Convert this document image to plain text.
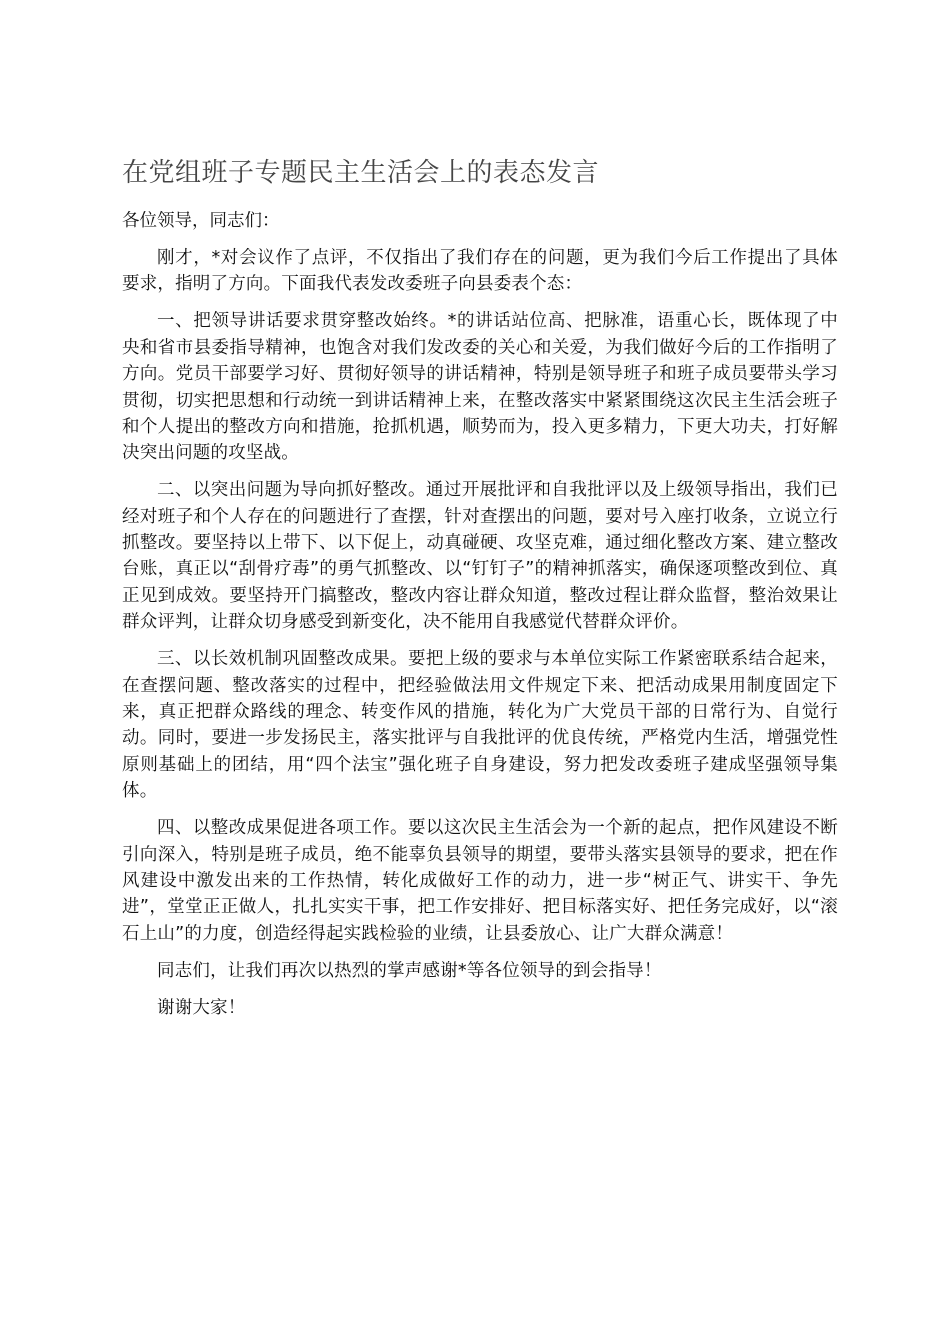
在党组班子专题民主生活会上的表态发言

各位领导，同志们：

刚才，*对会议作了点评，不仅指出了我们存在的问题，更为我们今后工作提出了具体要求，指明了方向。下面我代表发改委班子向县委表个态：

一、把领导讲话要求贯穿整改始终。*的讲话站位高、把脉准，语重心长，既体现了中央和省市县委指导精神，也饱含对我们发改委的关心和关爱，为我们做好今后的工作指明了方向。党员干部要学习好、贯彻好领导的讲话精神，特别是领导班子和班子成员要带头学习贯彻，切实把思想和行动统一到讲话精神上来，在整改落实中紧紧围绕这次民主生活会班子和个人提出的整改方向和措施，抢抓机遇，顺势而为，投入更多精力，下更大功夫，打好解决突出问题的攻坚战。

二、以突出问题为导向抓好整改。通过开展批评和自我批评以及上级领导指出，我们已经对班子和个人存在的问题进行了查摆，针对查摆出的问题，要对号入座打收条，立说立行抓整改。要坚持以上带下、以下促上，动真碰硬、攻坚克难，通过细化整改方案、建立整改台账，真正以“刮骨疗毒”的勇气抓整改、以“钉钉子”的精神抓落实，确保逐项整改到位、真正见到成效。要坚持开门搞整改，整改内容让群众知道，整改过程让群众监督，整治效果让群众评判，让群众切身感受到新变化，决不能用自我感觉代替群众评价。

三、以长效机制巩固整改成果。要把上级的要求与本单位实际工作紧密联系结合起来，在查摆问题、整改落实的过程中，把经验做法用文件规定下来、把活动成果用制度固定下来，真正把群众路线的理念、转变作风的措施，转化为广大党员干部的日常行为、自觉行动。同时，要进一步发扬民主，落实批评与自我批评的优良传统，严格党内生活，增强党性原则基础上的团结，用“四个法宝”强化班子自身建设，努力把发改委班子建成坚强领导集体。

四、以整改成果促进各项工作。要以这次民主生活会为一个新的起点，把作风建设不断引向深入，特别是班子成员，绝不能辜负县领导的期望，要带头落实县领导的要求，把在作风建设中激发出来的工作热情，转化成做好工作的动力，进一步“树正气、讲实干、争先进”，堂堂正正做人，扎扎实实干事，把工作安排好、把目标落实好、把任务完成好，以“滚石上山”的力度，创造经得起实践检验的业绩，让县委放心、让广大群众满意！

同志们，让我们再次以热烈的掌声感谢*等各位领导的到会指导！

谢谢大家！
